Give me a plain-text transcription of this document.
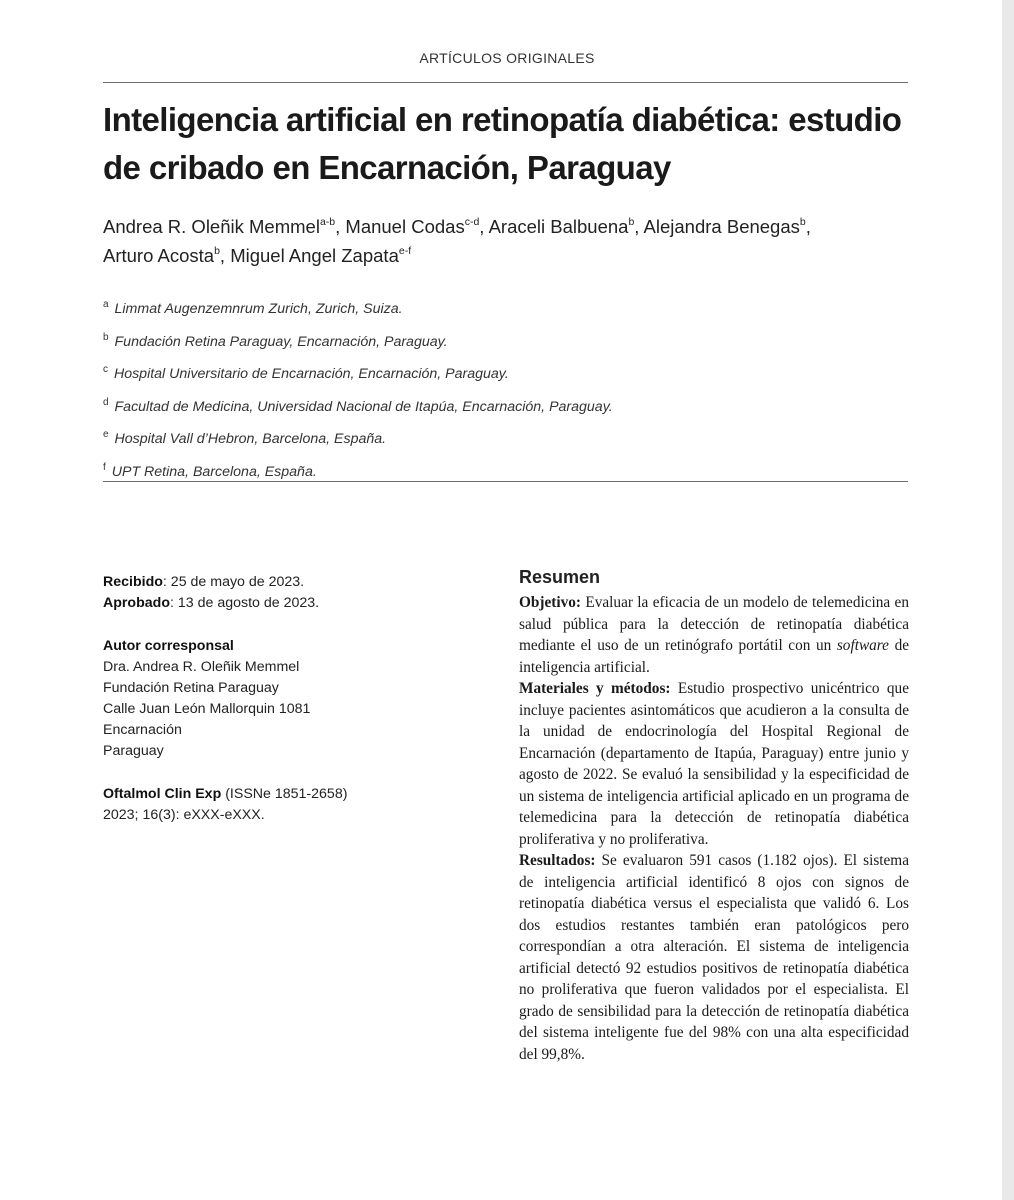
ARTÍCULOS ORIGINALES
Inteligencia artificial en retinopatía diabética: estudio de cribado en Encarnación, Paraguay
Andrea R. Oleñik Memmel$^{a-b}$, Manuel Codas$^{c-d}$, Araceli Balbuena$^b$, Alejandra Benegas$^b$,
Arturo Acosta$^b$, Miguel Angel Zapata$^{e-f}$
$^a$ Limmat Augenzemnrum Zurich, Zurich, Suiza.
$^b$ Fundación Retina Paraguay, Encarnación, Paraguay.
$^c$ Hospital Universitario de Encarnación, Encarnación, Paraguay.
$^d$ Facultad de Medicina, Universidad Nacional de Itapúa, Encarnación, Paraguay.
$^e$ Hospital Vall d’Hebron, Barcelona, España.
$^f$ UPT Retina, Barcelona, España.
Recibido: 25 de mayo de 2023.
Aprobado: 13 de agosto de 2023.
Autor corresponsal
Dra. Andrea R. Oleñik Memmel
Fundación Retina Paraguay
Calle Juan León Mallorquin 1081
Encarnación
Paraguay
Oftalmol Clin Exp (ISSNe 1851-2658)
2023; 16(3): eXXX-eXXX.
Resumen

Objetivo: Evaluar la eficacia de un modelo de telemedicina en salud pública para la detección de retinopatía diabética mediante el uso de un retinógrafo portátil con un software de inteligencia artificial.

Materiales y métodos: Estudio prospectivo unicéntrico que incluye pacientes asintomáticos que acudieron a la consulta de la unidad de endocrinología del Hospital Regional de Encarnación (departamento de Itapúa, Paraguay) entre junio y agosto de 2022. Se evaluó la sensibilidad y la especificidad de un sistema de inteligencia artificial aplicado en un programa de telemedicina para la detección de retinopatía diabética proliferativa y no proliferativa.

Resultados: Se evaluaron 591 casos (1.182 ojos). El sistema de inteligencia artificial identificó 8 ojos con signos de retinopatía diabética versus el especialista que validó 6. Los dos estudios restantes también eran patológicos pero correspondían a otra alteración. El sistema de inteligencia artificial detectó 92 estudios positivos de retinopatía diabética no proliferativa que fueron validados por el especialista. El grado de sensibilidad para la detección de retinopatía diabética del sistema inteligente fue del 98% con una alta especificidad del 99,8%.
